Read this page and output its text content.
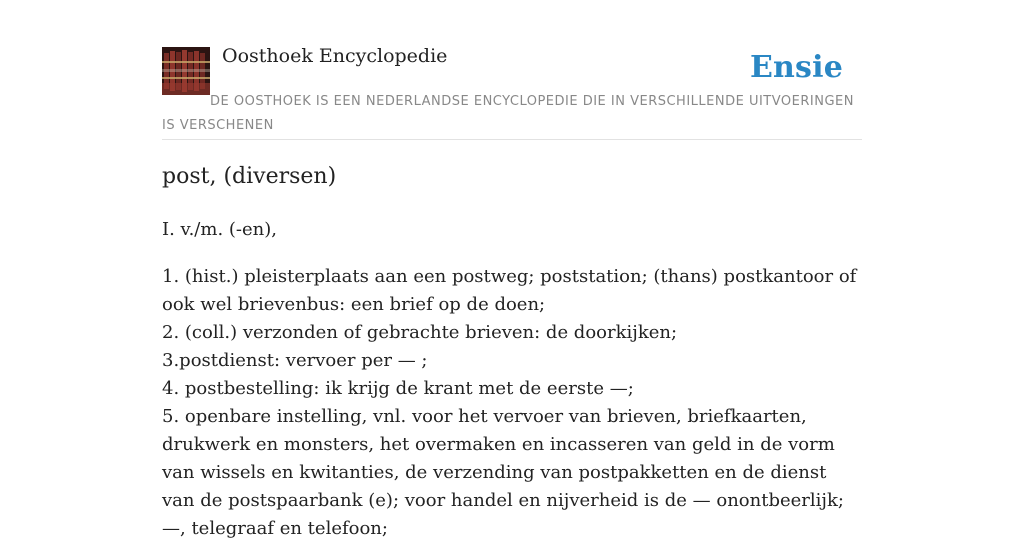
Oosthoek Encyclopedie	Ensie
DE OOSTHOEK IS EEN NEDERLANDSE ENCYCLOPEDIE DIE IN VERSCHILLENDE UITVOERINGEN IS VERSCHENEN
post, (diversen)
I. v./m. (-en),
1. (hist.) pleisterplaats aan een postweg; poststation; (thans) postkantoor of ook wel brievenbus: een brief op de doen;
2. (coll.) verzonden of gebrachte brieven: de doorkijken;
3.postdienst: vervoer per — ;
4. postbestelling: ik krijg de krant met de eerste —;
5. openbare instelling, vnl. voor het vervoer van brieven, briefkaarten, drukwerk en monsters, het overmaken en incasseren van geld in de vorm van wissels en kwitanties, de verzending van postpakketten en de dienst van de postspaarbank (e); voor handel en nijverheid is de — onontbeerlijk; —, telegraaf en telefoon;
